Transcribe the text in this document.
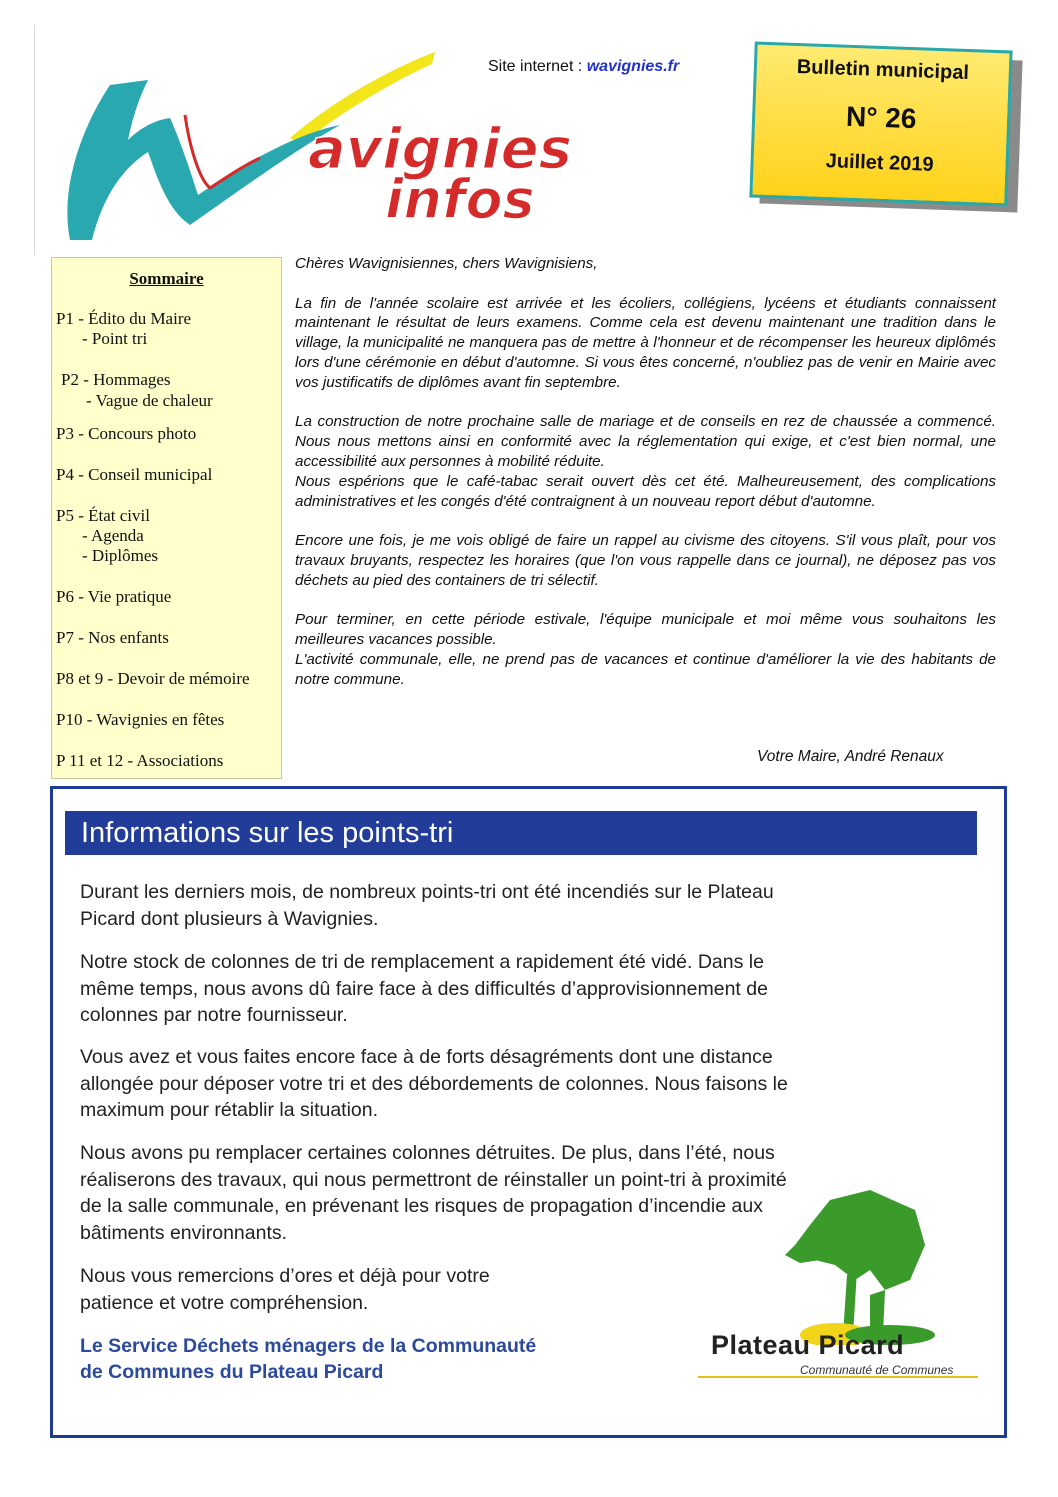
avignies
infos
Site internet : wavignies.fr	Bulletin municipal
N° 26
Juillet 2019
Sommaire
P1 - Édito du Maire
- Point tri
P2 - Hommages
- Vague de chaleur
P3 - Concours photo
P4 - Conseil municipal
P5 - État civil
- Agenda
- Diplômes
P6 - Vie pratique
P7 - Nos enfants
P8 et 9 - Devoir de mémoire
P10 - Wavignies en fêtes
P 11 et 12 - Associations

Chères Wavignisiennes, chers Wavignisiens,

La fin de l'année scolaire est arrivée et les écoliers, collégiens, lycéens et étudiants connaissent maintenant le résultat de leurs examens. Comme cela est devenu maintenant une tradition dans le village, la municipalité ne manquera pas de mettre à l'honneur et de récompenser les heureux diplômés lors d'une cérémonie en début d'automne. Si vous êtes concerné, n'oubliez pas de venir en Mairie avec vos justificatifs de diplômes avant fin septembre.

La construction de notre prochaine salle de mariage et de conseils en rez de chaussée a commencé. Nous nous mettons ainsi en conformité avec la réglementation qui exige, et c'est bien normal, une accessibilité aux personnes à mobilité réduite.

Nous espérions que le café-tabac serait ouvert dès cet été. Malheureusement, des complications administratives et les congés d'été contraignent à un nouveau report début d'automne.

Encore une fois, je me vois obligé de faire un rappel au civisme des citoyens. S'il vous plaît, pour vos travaux bruyants, respectez les horaires (que l'on vous rappelle dans ce journal), ne déposez pas vos déchets au pied des containers de tri sélectif.

Pour terminer, en cette période estivale, l'équipe municipale et moi même vous souhaitons les meilleures vacances possible.

L'activité communale, elle, ne prend pas de vacances et continue d'améliorer la vie des habitants de notre commune.

Votre Maire, André Renaux
Informations sur les points-tri

Durant les derniers mois, de nombreux points-tri ont été incendiés sur le Plateau Picard dont plusieurs à Wavignies.

Notre stock de colonnes de tri de remplacement a rapidement été vidé. Dans le même temps, nous avons dû faire face à des difficultés d’approvisionnement de colonnes par notre fournisseur.

Vous avez et vous faites encore face à de forts désagréments dont une distance allongée pour déposer votre tri et des débordements de colonnes. Nous faisons le maximum pour rétablir la situation.

Nous avons pu remplacer certaines colonnes détruites. De plus, dans l’été, nous réaliserons des travaux, qui nous permettront de réinstaller un point-tri à proximité de la salle communale, en prévenant les risques de propagation d’incendie aux bâtiments environnants.

Nous vous remercions d’ores et déjà pour votre patience et votre compréhension.

Le Service Déchets ménagers de la Communauté
de Communes du Plateau Picard
Plateau Picard
Communauté de Communes
